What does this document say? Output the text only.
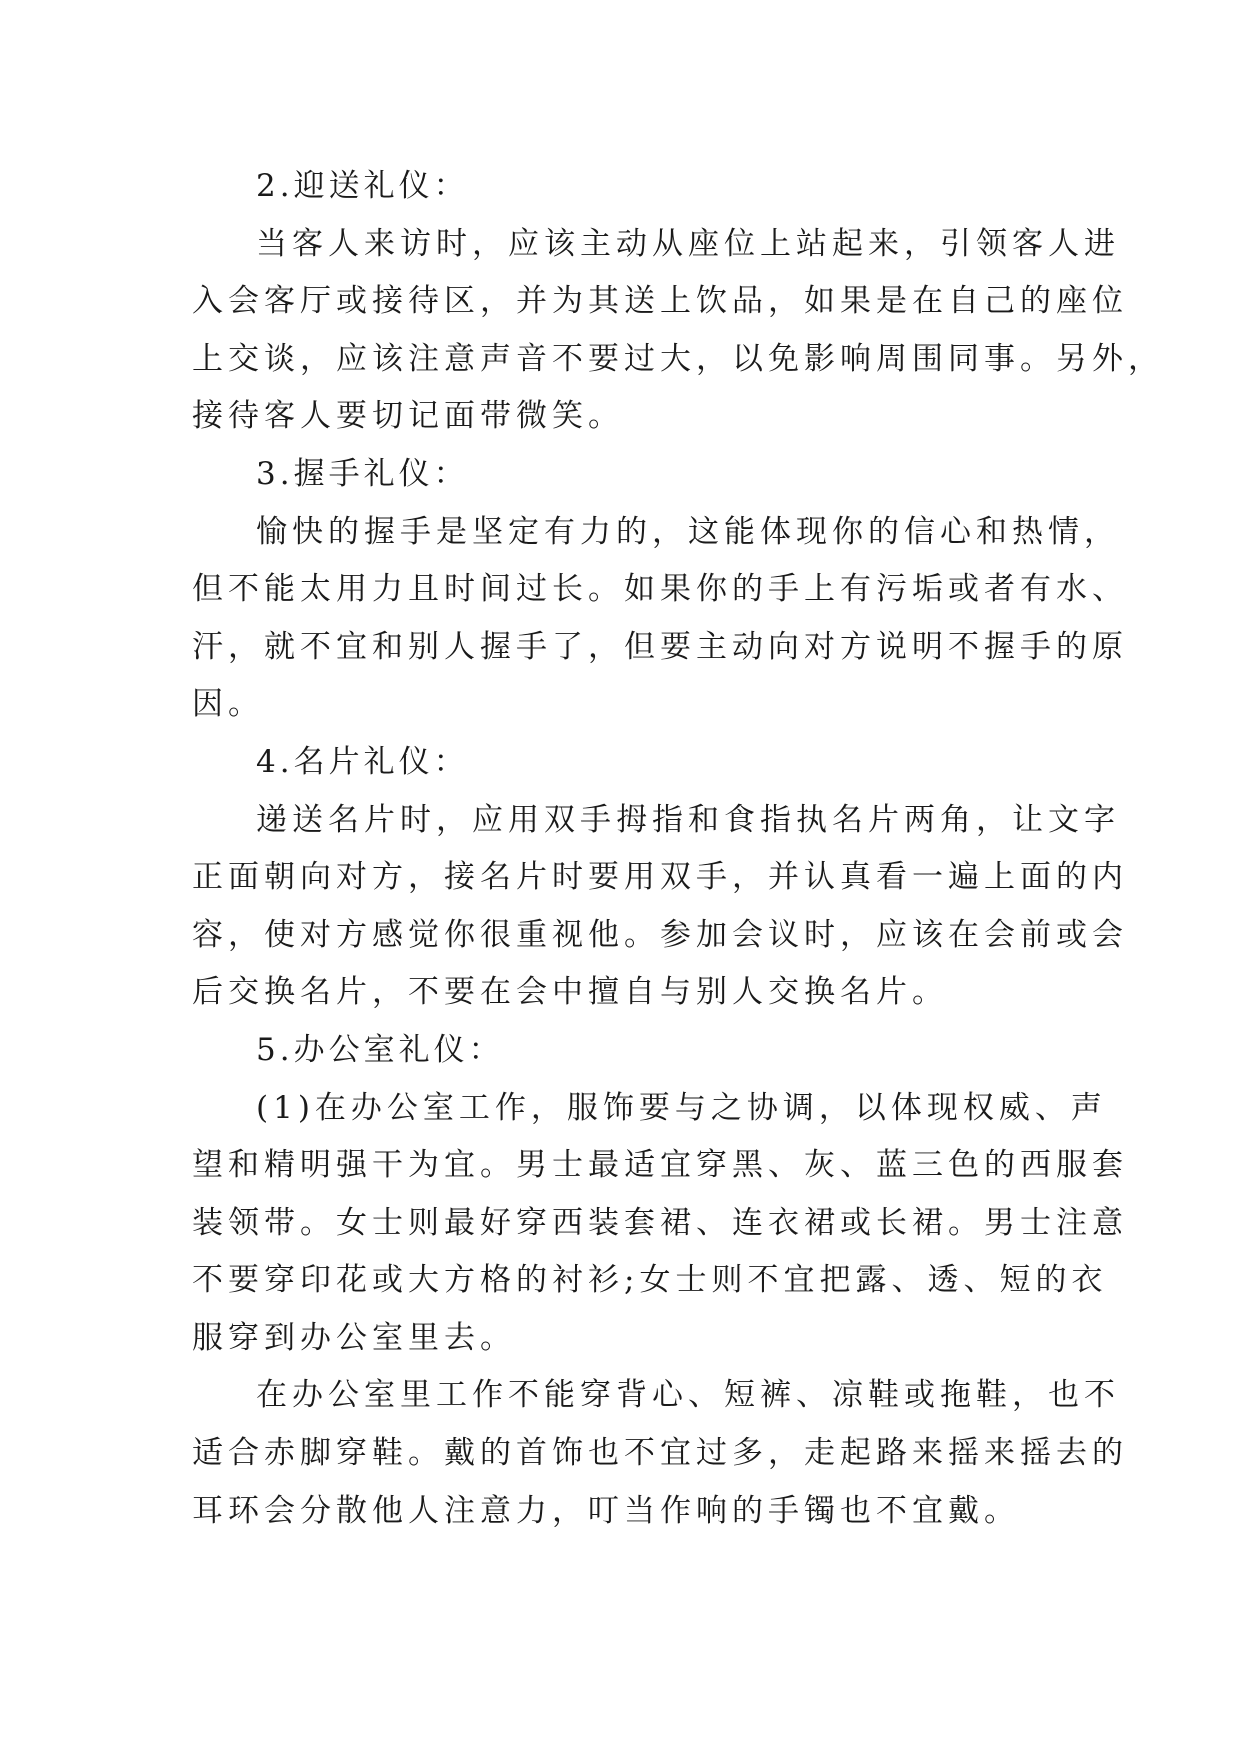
2.迎送礼仪：
当客人来访时，应该主动从座位上站起来，引领客人进
入会客厅或接待区，并为其送上饮品，如果是在自己的座位
上交谈，应该注意声音不要过大，以免影响周围同事。另外，
接待客人要切记面带微笑。
3.握手礼仪：
愉快的握手是坚定有力的，这能体现你的信心和热情，
但不能太用力且时间过长。如果你的手上有污垢或者有水、
汗，就不宜和别人握手了，但要主动向对方说明不握手的原
因。
4.名片礼仪：
递送名片时，应用双手拇指和食指执名片两角，让文字
正面朝向对方，接名片时要用双手，并认真看一遍上面的内
容，使对方感觉你很重视他。参加会议时，应该在会前或会
后交换名片，不要在会中擅自与别人交换名片。
5.办公室礼仪：
(1)在办公室工作，服饰要与之协调，以体现权威、声
望和精明强干为宜。男士最适宜穿黑、灰、蓝三色的西服套
装领带。女士则最好穿西装套裙、连衣裙或长裙。男士注意
不要穿印花或大方格的衬衫;女士则不宜把露、透、短的衣
服穿到办公室里去。
在办公室里工作不能穿背心、短裤、凉鞋或拖鞋，也不
适合赤脚穿鞋。戴的首饰也不宜过多，走起路来摇来摇去的
耳环会分散他人注意力，叮当作响的手镯也不宜戴。
